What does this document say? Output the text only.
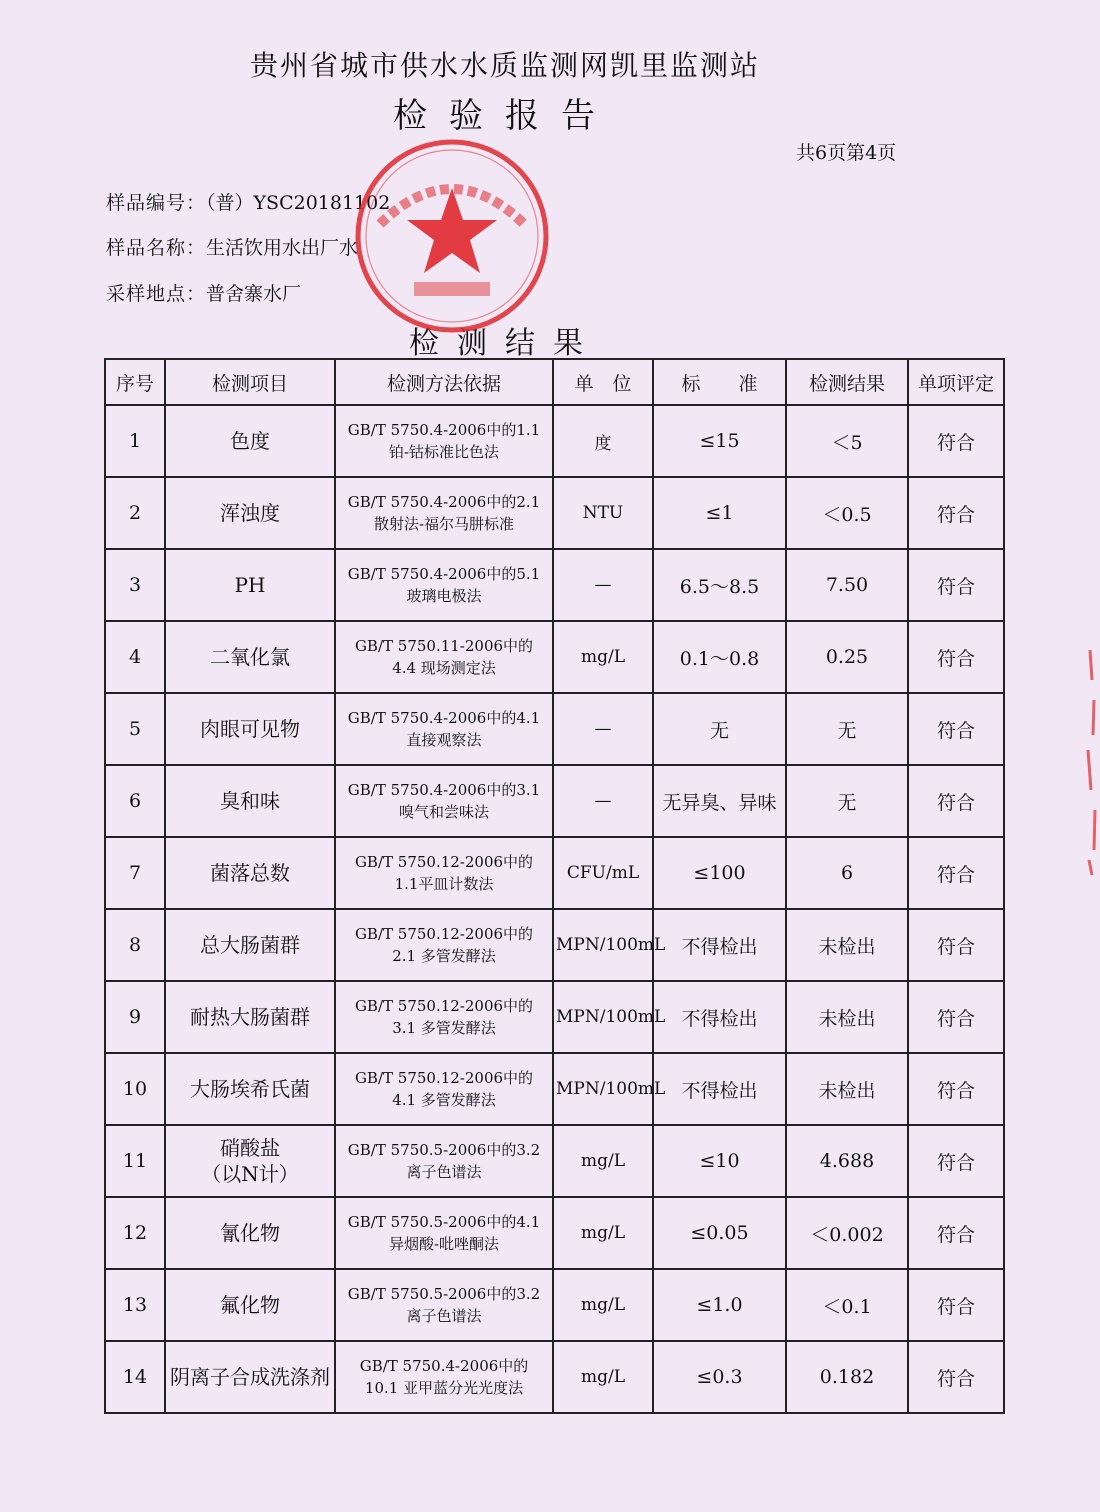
贵州省城市供水水质监测网凯里监测站
检验报告
共6页第4页
样品编号：（普）YSC20181102
样品名称：生活饮用水出厂水
采样地点：普舍寨水厂
检测结果
序号	检测项目	检测方法依据	单　位	标　　准	检测结果	单项评定
1	色度	GB/T 5750.4-2006中的1.1
铂-钴标准比色法	度	≤15	＜5	符合
2	浑浊度	GB/T 5750.4-2006中的2.1
散射法-福尔马肼标准	NTU	≤1	＜0.5	符合
3	PH	GB/T 5750.4-2006中的5.1
玻璃电极法	—	6.5～8.5	7.50	符合
4	二氧化氯	GB/T 5750.11-2006中的
4.4 现场测定法	mg/L	0.1～0.8	0.25	符合
5	肉眼可见物	GB/T 5750.4-2006中的4.1
直接观察法	—	无	无	符合
6	臭和味	GB/T 5750.4-2006中的3.1
嗅气和尝味法	—	无异臭、异味	无	符合
7	菌落总数	GB/T 5750.12-2006中的
1.1平皿计数法	CFU/mL	≤100	6	符合
8	总大肠菌群	GB/T 5750.12-2006中的
2.1 多管发酵法	MPN/100mL	不得检出	未检出	符合
9	耐热大肠菌群	GB/T 5750.12-2006中的
3.1 多管发酵法	MPN/100mL	不得检出	未检出	符合
10	大肠埃希氏菌	GB/T 5750.12-2006中的
4.1 多管发酵法	MPN/100mL	不得检出	未检出	符合
11	硝酸盐
（以N计）	GB/T 5750.5-2006中的3.2
离子色谱法	mg/L	≤10	4.688	符合
12	氰化物	GB/T 5750.5-2006中的4.1
异烟酸-吡唑酮法	mg/L	≤0.05	＜0.002	符合
13	氟化物	GB/T 5750.5-2006中的3.2
离子色谱法	mg/L	≤1.0	＜0.1	符合
14	阴离子合成洗涤剂	GB/T 5750.4-2006中的
10.1 亚甲蓝分光光度法	mg/L	≤0.3	0.182	符合
